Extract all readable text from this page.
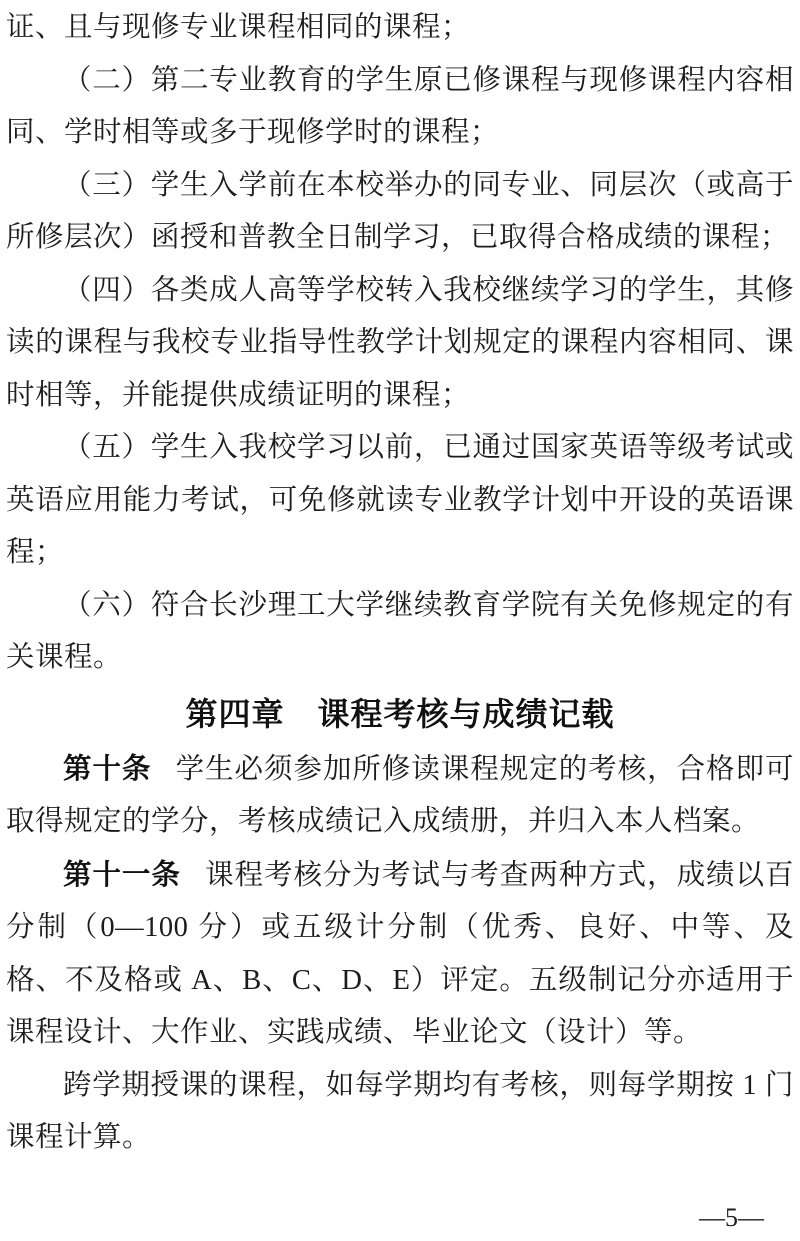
证、且与现修专业课程相同的课程；

（二）第二专业教育的学生原已修课程与现修课程内容相同、学时相等或多于现修学时的课程；

（三）学生入学前在本校举办的同专业、同层次（或高于所修层次）函授和普教全日制学习，已取得合格成绩的课程；

（四）各类成人高等学校转入我校继续学习的学生，其修读的课程与我校专业指导性教学计划规定的课程内容相同、课时相等，并能提供成绩证明的课程；

（五）学生入我校学习以前，已通过国家英语等级考试或英语应用能力考试，可免修就读专业教学计划中开设的英语课程；

（六）符合长沙理工大学继续教育学院有关免修规定的有关课程。

第四章　课程考核与成绩记载

第十条 学生必须参加所修读课程规定的考核，合格即可取得规定的学分，考核成绩记入成绩册，并归入本人档案。

第十一条 课程考核分为考试与考查两种方式，成绩以百分制（0—100 分）或五级计分制（优秀、良好、中等、及格、不及格或 A、B、C、D、E）评定。五级制记分亦适用于课程设计、大作业、实践成绩、毕业论文（设计）等。

跨学期授课的课程，如每学期均有考核，则每学期按 1 门课程计算。

—5—
